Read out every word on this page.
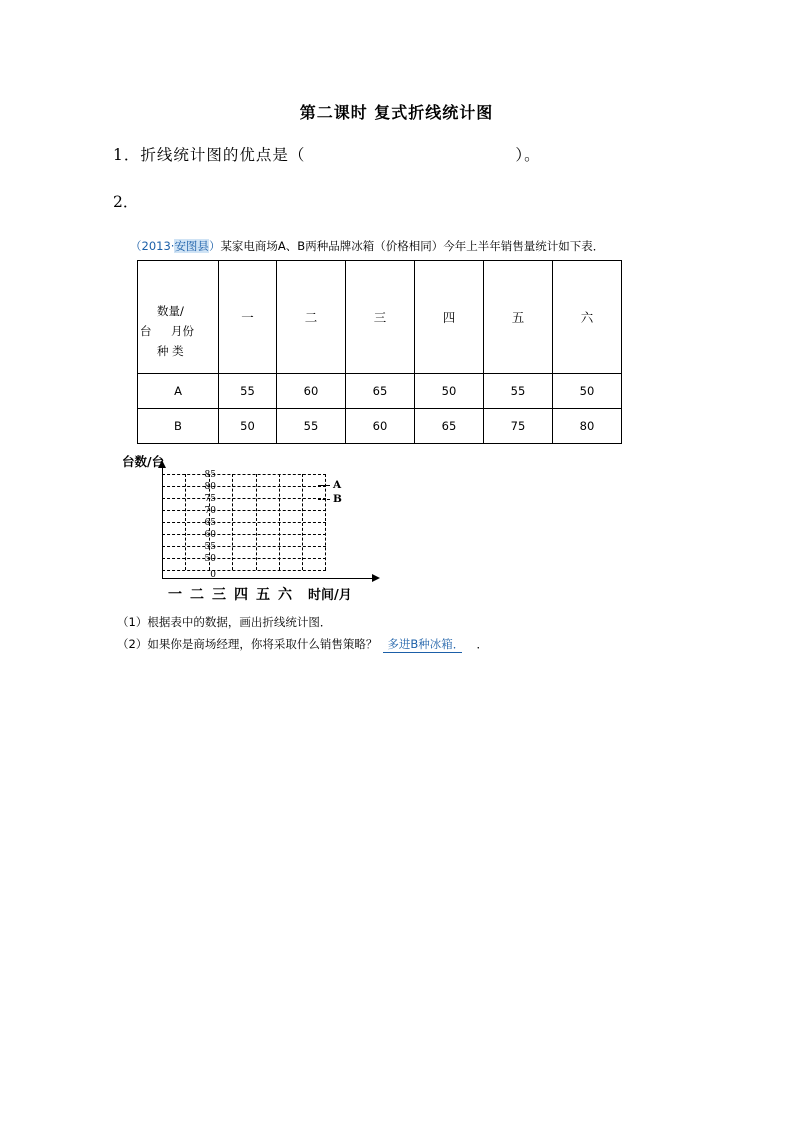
第二课时 复式折线统计图
1．折线统计图的优点是（	）。
2．
（2013·安图县）某家电商场A、B两种品牌冰箱（价格相同）今年上半年销售量统计如下表．
数量/
台 月份
种 类	一	二	三	四	五	六
A	55	60	65	50	55	50
B	50	55	60	65	75	80
台数/台
85
80
75
70
65
60
55
50
0
A
B
一二三四五六 时间/月
（1）根据表中的数据，画出折线统计图．
（2）如果你是商场经理，你将采取什么销售策略？ 多进B种冰箱． ．
